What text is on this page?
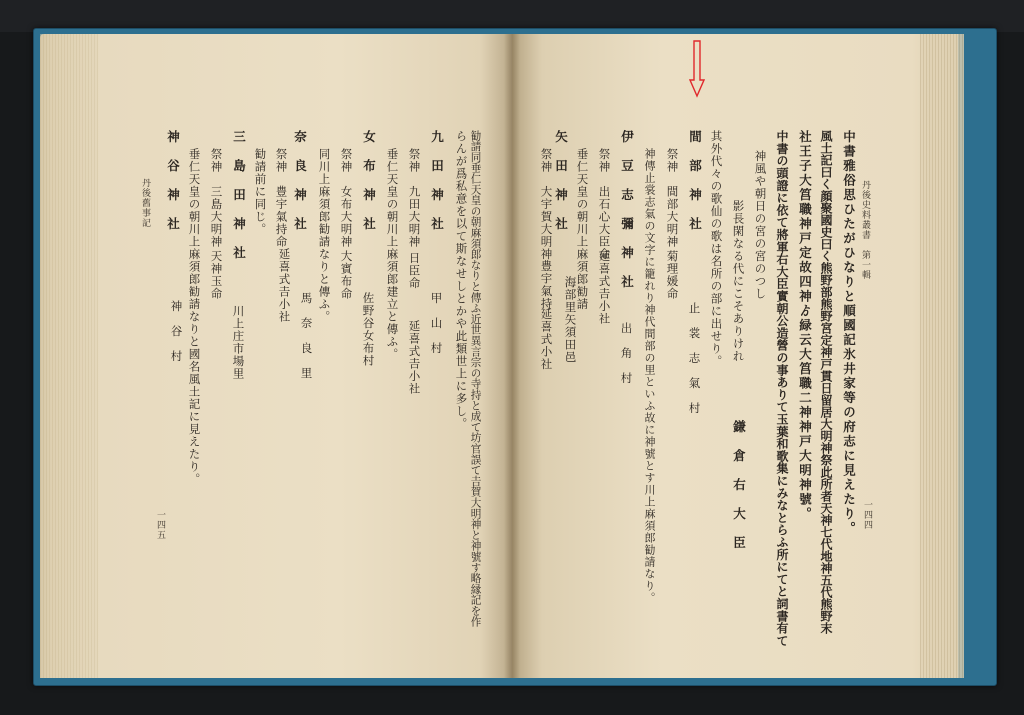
丹後舊事記
一四五
らんが爲私意を以て斯なせしとかや此類世上に多し。 勧請同垂仁天皇の朝麻須郎なりと傳ふ近世異言宗の寺持と成て坊官誤て𠮷賀大明神と神號す略縁記を作
九　田　神　社
甲　山　村
祭神　九田大明神
日臣命
延喜式𠮷小社
垂仁天皇の朝川上麻須郎建立と傳ふ。
女　布　神　社
佐野谷女布村
祭神　女布大明神
大賓布命
同川上麻須郎勧請なりと傳ふ。
奈　良　神　社
馬　奈　良　里
祭神　豊宇氣持命
延喜式𠮷小社
勧請前に同じ。
三　島　田　神　社
川上庄市場里
祭神　三島大明神
天神玉命
垂仁天皇の朝川上麻須郎勧請なりと國名風土記に見えたり。
神　谷　神　社
神　谷　村
丹後史料叢書　第一輯
一四四
中書雅俗思ひたがひなりと順國記氷井家等の府志に見えたり。
風土記曰く顔聚國史曰く熊野部熊野宮定神戸貫日留居大明神祭此所者天神七代地神五代熊野末
社王子大筥職神戸定故四神ゟ緑云大筥職二神神戸大明神號。
中書の頭證に依て將軍右大臣實朝公造營の事ありて玉葉和歌集にみなとらふ所にてと詞書有て
神風や朝日の宮の宮のつし
影長閑なる代にこそありけれ
鎌　倉　右　大　臣
其外代々の歌仙の歌は名所の部に出せり。
間　部　神　社
止　裳　志　氣　村
祭神　間部大明神
菊理媛命
神傳止裳志氣の文字に籠れり神代間部の里といふ故に神號とす川上麻須郎勧請なり。
伊　豆　志　彌　神　社
出　角　村
祭神　出石心大臣命
延喜式𠮷小社
垂仁天皇の朝川上麻須郎勧請
矢　田　神　社
海部里矢須田邑
祭神　大宇賀大明神
豊宇氣持
延喜式小社
